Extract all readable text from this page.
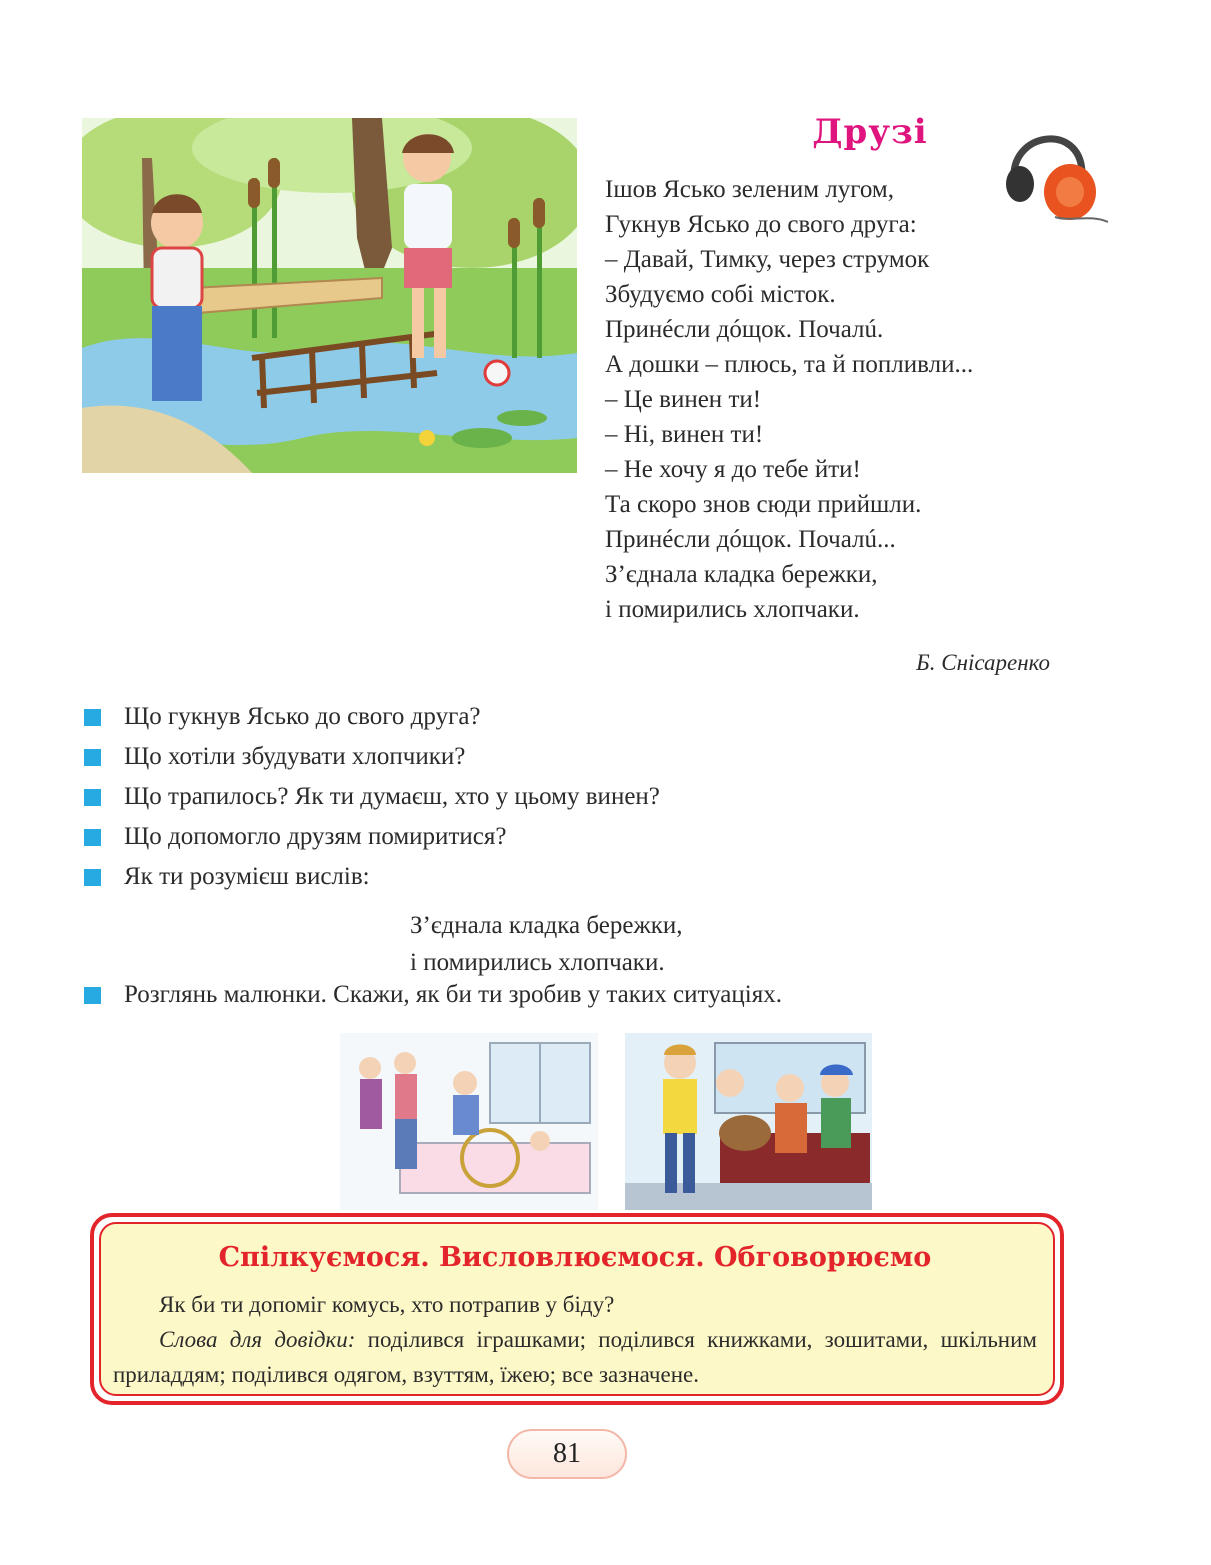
Друзі
Ішов Ясько зеленим лугом,
Гукнув Ясько до свого друга:
– Давай, Тимку, через струмок
Збудуємо собі місток.
Принéсли дóщок. Почалú.
А дошки – плюсь, та й попливли...
– Це винен ти!
– Ні, винен ти!
– Не хочу я до тебе йти!
Та скоро знов сюди прийшли.
Принéсли дóщок. Почалú...
З’єднала кладка бережки,
і помирились хлопчаки.
Б. Снісаренко
Що гукнув Ясько до свого друга?
Що хотіли збудувати хлопчики?
Що трапилось? Як ти думаєш, хто у цьому винен?
Що допомогло друзям помиритися?
Як ти розумієш вислів:
З’єднала кладка бережки,
і помирились хлопчаки.
Розглянь малюнки. Скажи, як би ти зробив у таких ситуаціях.
Спілкуємося. Висловлюємося. Обговорюємо

Як би ти допоміг комусь, хто потрапив у біду?

Слова для довідки: поділився іграшками; поділився книжками, зошитами, шкільним приладдям; поділився одягом, взуттям, їжею; все зазначене.

81
